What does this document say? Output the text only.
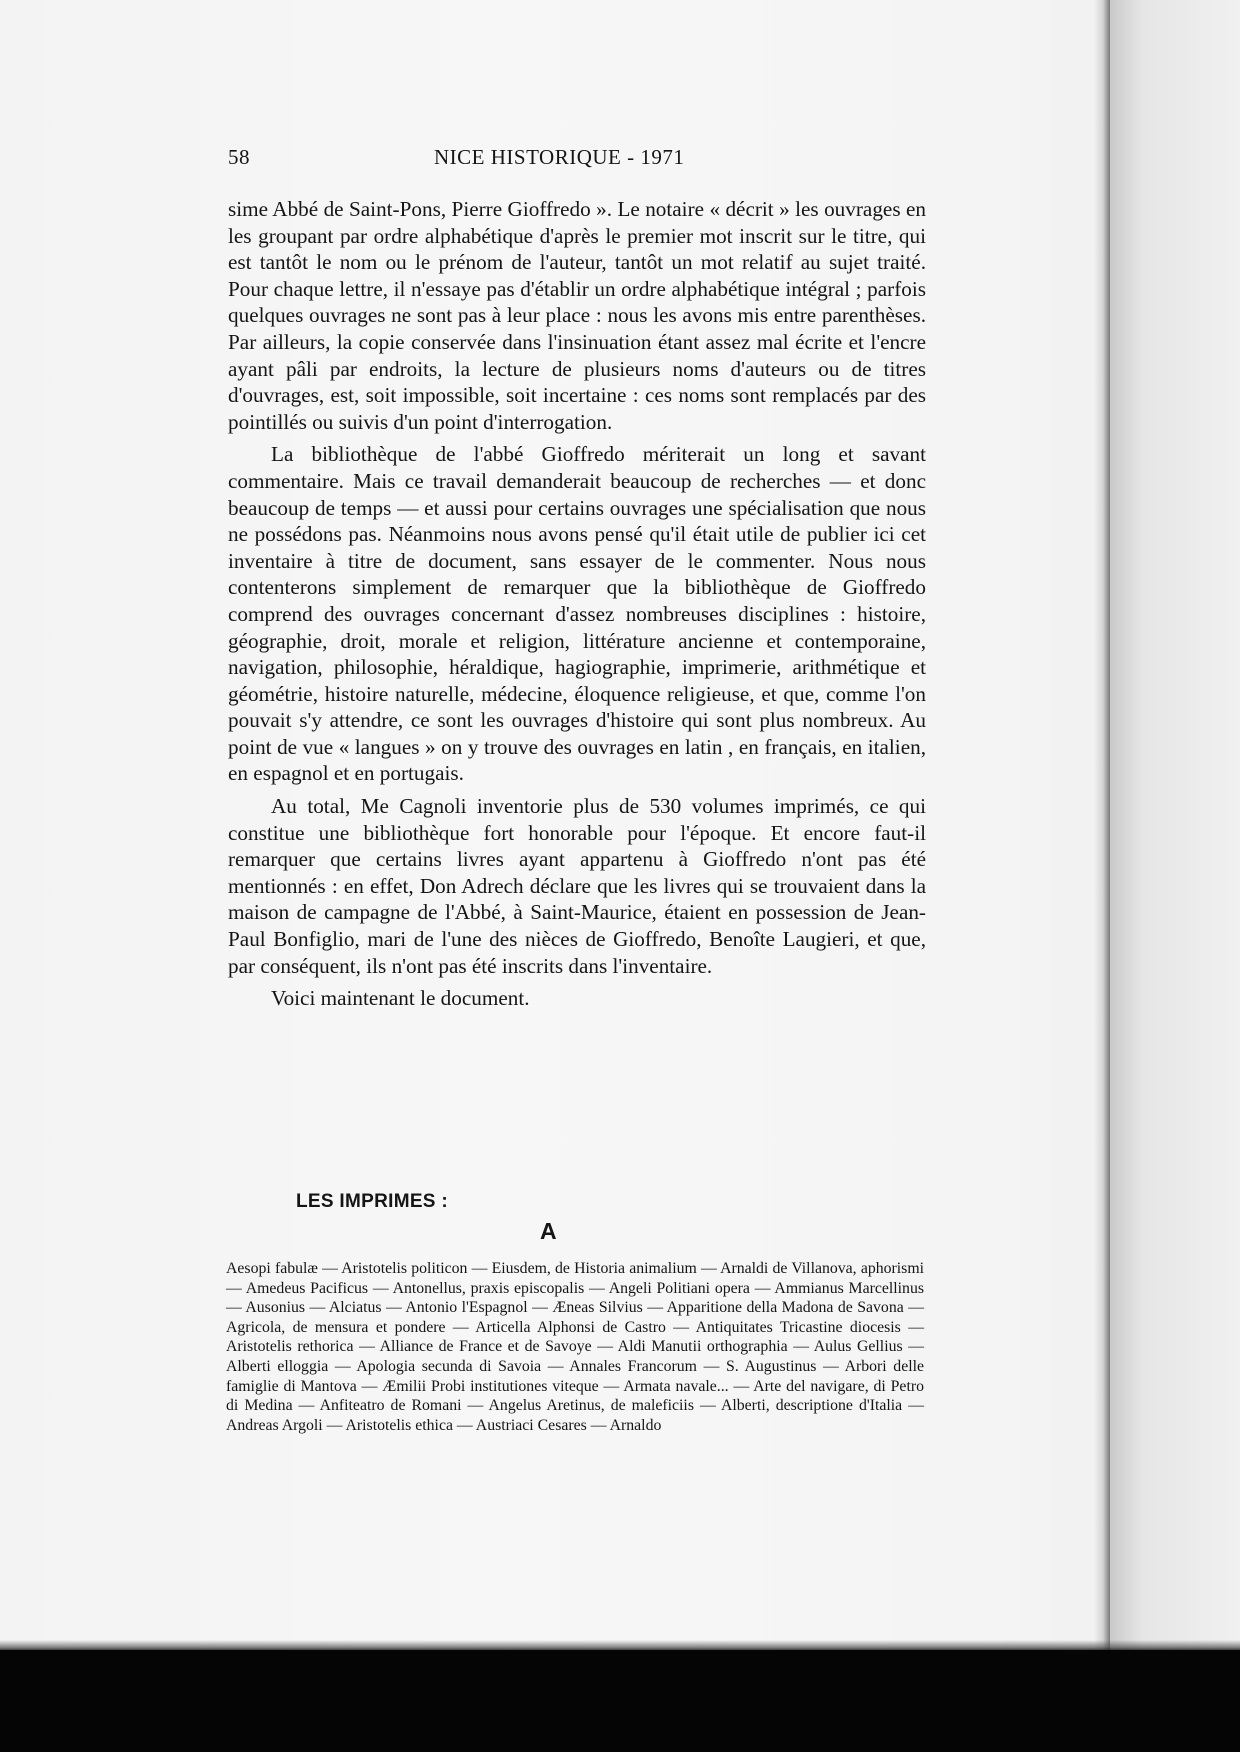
58	NICE HISTORIQUE - 1971

sime Abbé de Saint-Pons, Pierre Gioffredo ». Le notaire « décrit » les ouvrages en les groupant par ordre alphabétique d'après le premier mot inscrit sur le titre, qui est tantôt le nom ou le prénom de l'auteur, tantôt un mot relatif au sujet traité. Pour chaque lettre, il n'essaye pas d'établir un ordre alphabétique intégral ; parfois quelques ouvrages ne sont pas à leur place : nous les avons mis entre parenthèses. Par ailleurs, la copie conservée dans l'insinuation étant assez mal écrite et l'encre ayant pâli par endroits, la lecture de plusieurs noms d'auteurs ou de titres d'ouvrages, est, soit impossible, soit incertaine : ces noms sont remplacés par des pointillés ou suivis d'un point d'interrogation.

La bibliothèque de l'abbé Gioffredo mériterait un long et savant commentaire. Mais ce travail demanderait beaucoup de recherches — et donc beaucoup de temps — et aussi pour certains ouvrages une spécialisation que nous ne possédons pas. Néanmoins nous avons pensé qu'il était utile de publier ici cet inventaire à titre de document, sans essayer de le commenter. Nous nous contenterons simplement de remarquer que la bibliothèque de Gioffredo comprend des ouvrages concernant d'assez nombreuses disciplines : histoire, géographie, droit, morale et religion, littérature ancienne et contemporaine, navigation, philosophie, héraldique, hagiographie, imprimerie, arithmétique et géométrie, histoire naturelle, médecine, éloquence religieuse, et que, comme l'on pouvait s'y attendre, ce sont les ouvrages d'histoire qui sont plus nombreux. Au point de vue « langues » on y trouve des ouvrages en latin , en français, en italien, en espagnol et en portugais.

Au total, Me Cagnoli inventorie plus de 530 volumes imprimés, ce qui constitue une bibliothèque fort honorable pour l'époque. Et encore faut-il remarquer que certains livres ayant appartenu à Gioffredo n'ont pas été mentionnés : en effet, Don Adrech déclare que les livres qui se trouvaient dans la maison de campagne de l'Abbé, à Saint-Maurice, étaient en possession de Jean-Paul Bonfiglio, mari de l'une des nièces de Gioffredo, Benoîte Laugieri, et que, par conséquent, ils n'ont pas été inscrits dans l'inventaire.

Voici maintenant le document.

LES IMPRIMES :
A
Aesopi fabulæ — Aristotelis politicon — Eiusdem, de Historia animalium — Arnaldi de Villanova, aphorismi — Amedeus Pacificus — Antonellus, praxis episcopalis — Angeli Politiani opera — Ammianus Marcellinus — Ausonius — Alciatus — Antonio l'Espagnol — Æneas Silvius — Apparitione della Madona de Savona — Agricola, de mensura et pondere — Articella Alphonsi de Castro — Antiquitates Tricastine diocesis — Aristotelis rethorica — Alliance de France et de Savoye — Aldi Manutii orthographia — Aulus Gellius — Alberti elloggia — Apologia secunda di Savoia — Annales Francorum — S. Augustinus — Arbori delle famiglie di Mantova — Æmilii Probi institutiones viteque — Armata navale... — Arte del navigare, di Petro di Medina — Anfiteatro de Romani — Angelus Aretinus, de maleficiis — Alberti, descriptione d'Italia — Andreas Argoli — Aristotelis ethica — Austriaci Cesares — Arnaldo
